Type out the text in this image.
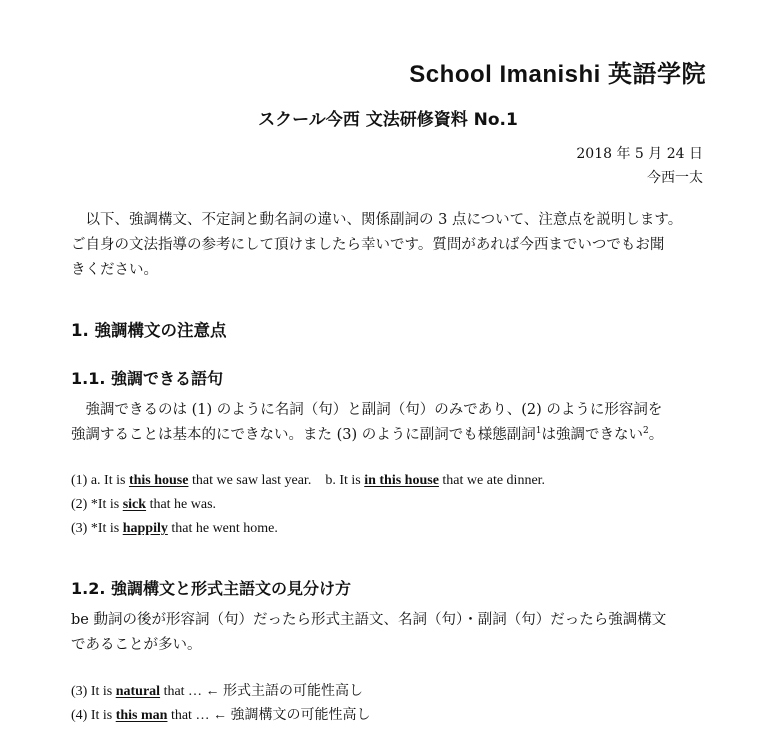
School Imanishi 英語学院
スクール今西 文法研修資料 No.1
2018 年 5 月 24 日
今西一太

　以下、強調構文、不定詞と動名詞の違い、関係副詞の 3 点について、注意点を説明します。

ご自身の文法指導の参考にして頂けましたら幸いです。質問があれば今西までいつでもお聞

きください。

1. 強調構文の注意点
1.1. 強調できる語句

　強調できるのは (1) のように名詞（句）と副詞（句）のみであり、(2) のように形容詞を

強調することは基本的にできない。また (3) のように副詞でも様態副詞$^1$は強調できない$^2$。

(1) a. It is this house that we saw last year. b. It is in this house that we ate dinner.
(2) *It is sick that he was.
(3) *It is happily that he went home.
1.2. 強調構文と形式主語文の見分け方

be 動詞の後が形容詞（句）だったら形式主語文、名詞（句）・副詞（句）だったら強調構文

であることが多い。

(3) It is natural that … ← 形式主語の可能性高し
(4) It is this man that … ← 強調構文の可能性高し
